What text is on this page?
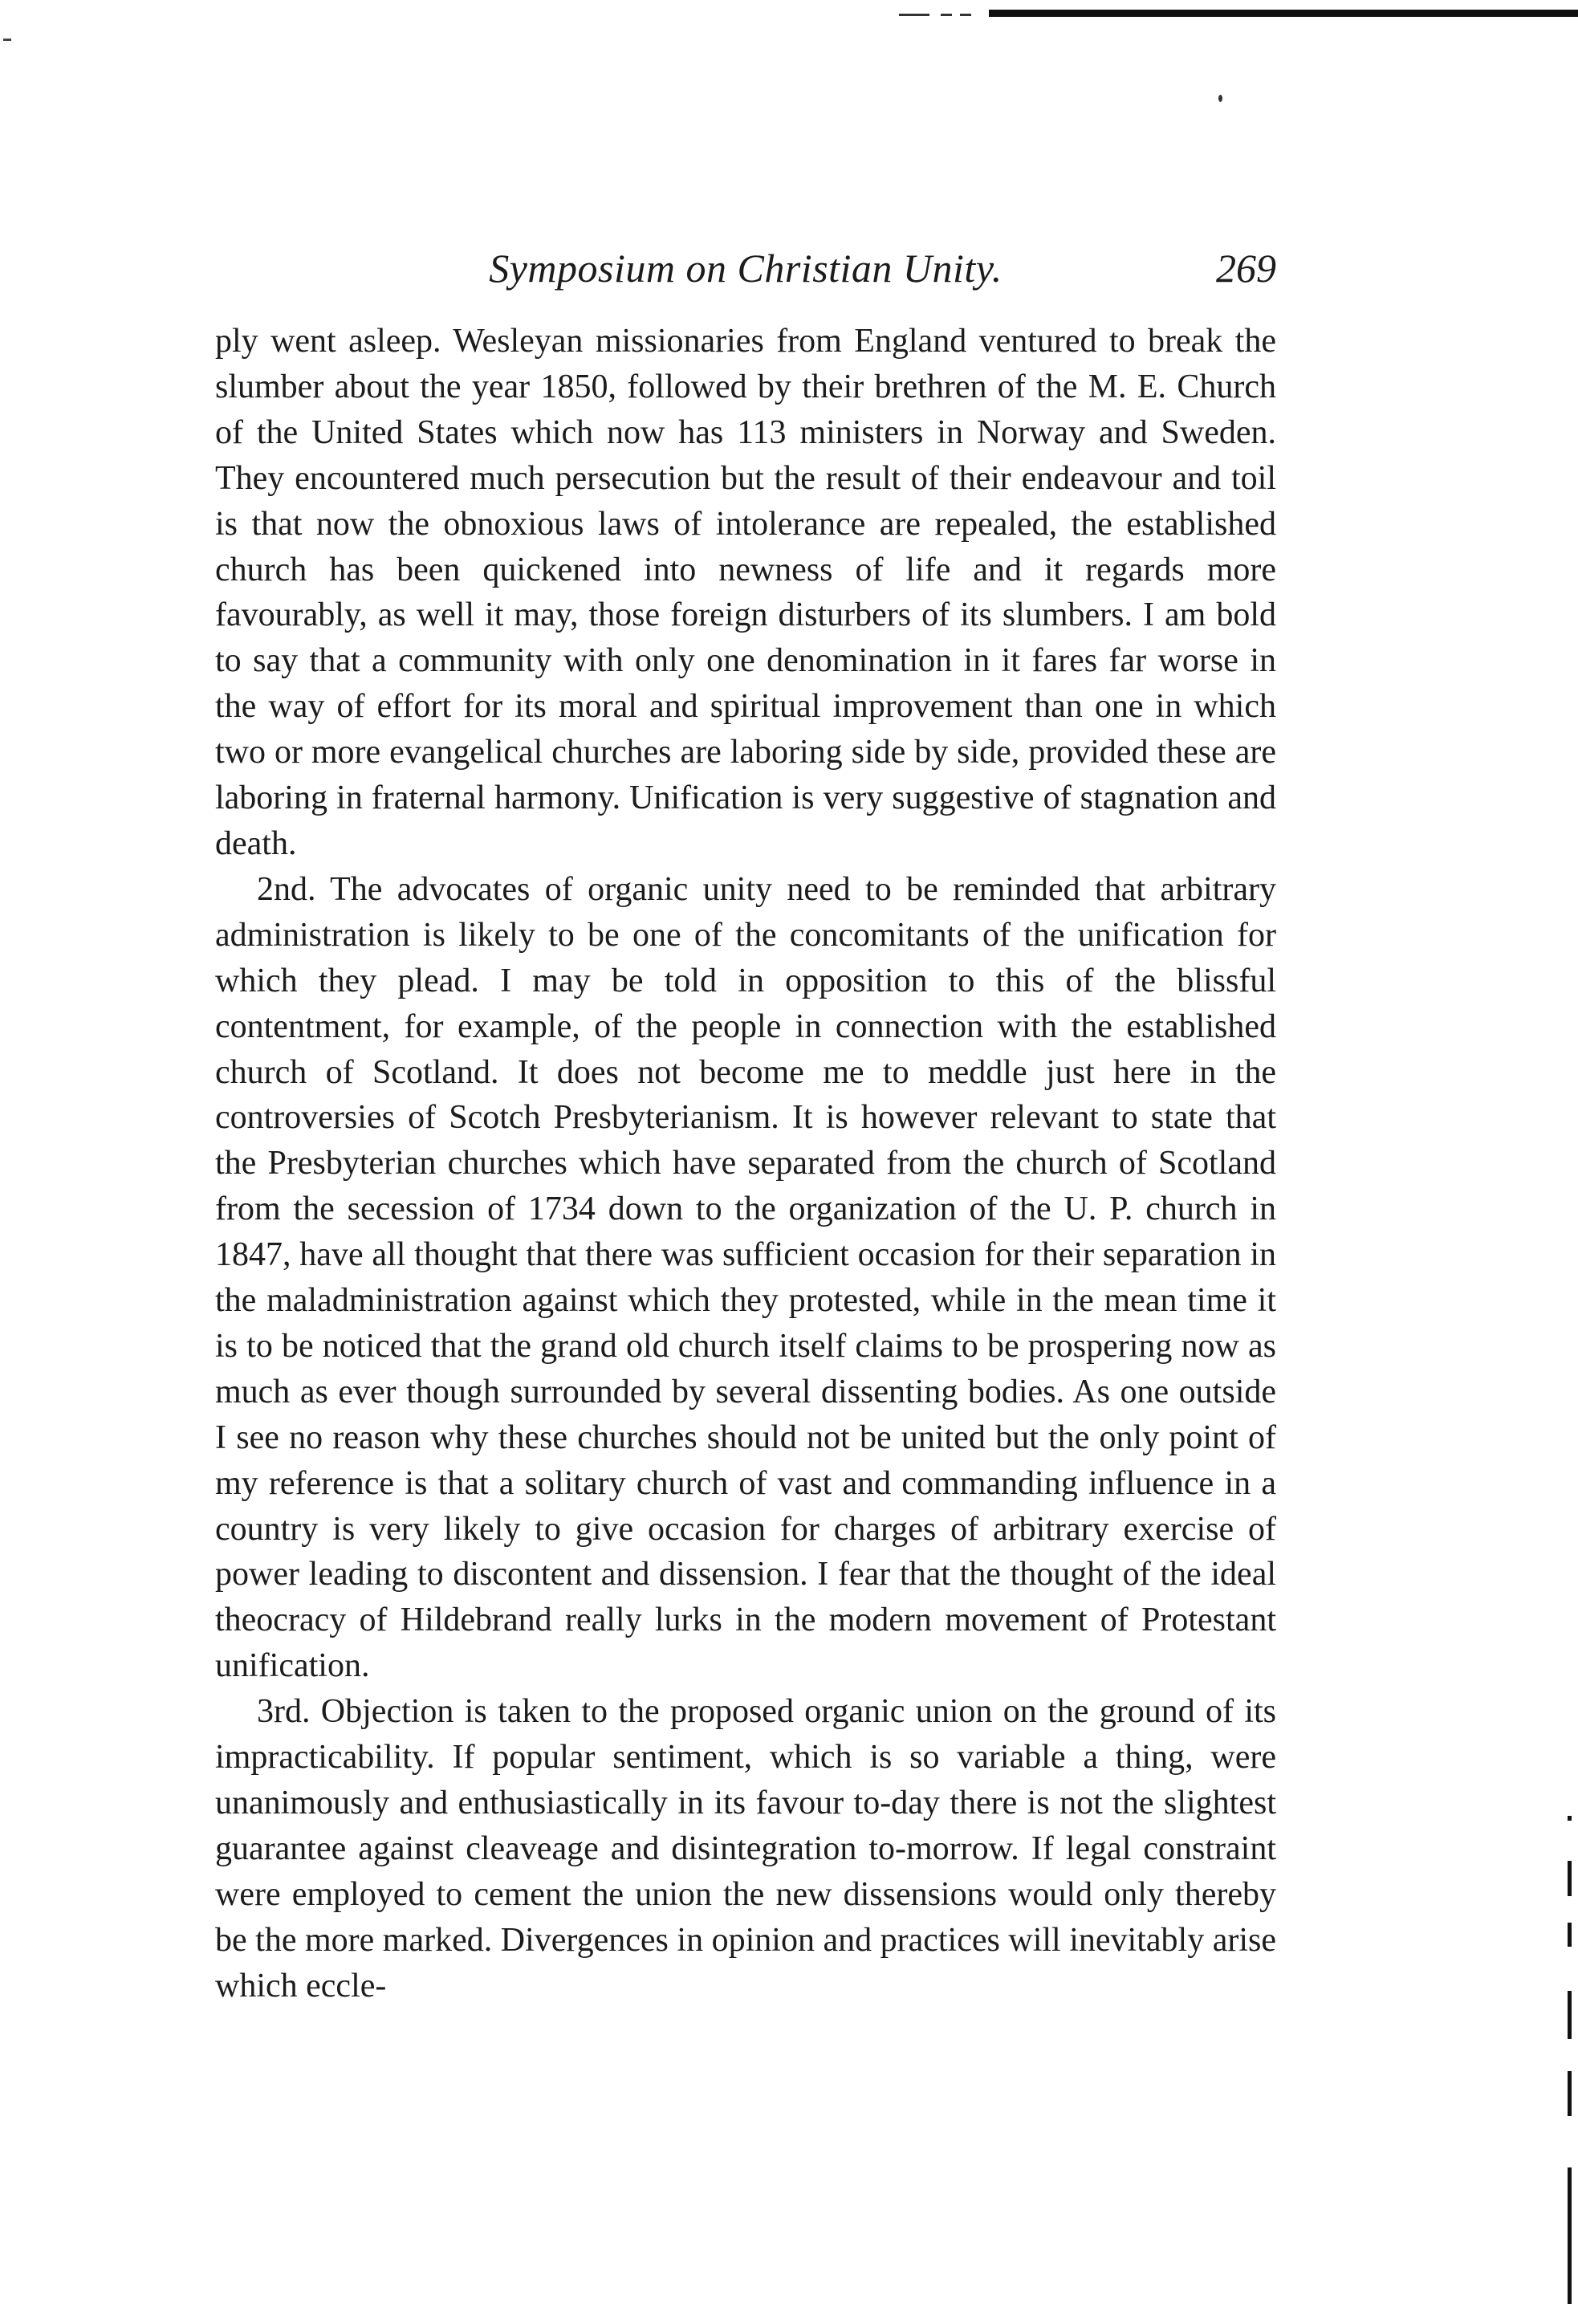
Symposium on Christian Unity.	269

ply went asleep. Wesleyan missionaries from England ventured to break the slumber about the year 1850, followed by their brethren of the M. E. Church of the United States which now has 113 ministers in Norway and Sweden. They encountered much persecution but the result of their endeavour and toil is that now the obnoxious laws of intolerance are repealed, the established church has been quickened into newness of life and it regards more favourably, as well it may, those foreign disturbers of its slumbers. I am bold to say that a community with only one denomination in it fares far worse in the way of effort for its moral and spiritual improvement than one in which two or more evangelical churches are laboring side by side, provided these are laboring in fraternal harmony. Unification is very suggestive of stagnation and death.

2nd. The advocates of organic unity need to be reminded that arbitrary administration is likely to be one of the concomitants of the unification for which they plead. I may be told in opposition to this of the blissful contentment, for example, of the people in connection with the established church of Scotland. It does not become me to meddle just here in the controversies of Scotch Presbyterianism. It is however relevant to state that the Presbyterian churches which have separated from the church of Scotland from the secession of 1734 down to the organization of the U. P. church in 1847, have all thought that there was sufficient occasion for their separation in the maladministration against which they protested, while in the mean time it is to be noticed that the grand old church itself claims to be prospering now as much as ever though surrounded by several dissenting bodies. As one outside I see no reason why these churches should not be united but the only point of my reference is that a solitary church of vast and commanding influence in a country is very likely to give occasion for charges of arbitrary exercise of power leading to discontent and dissension. I fear that the thought of the ideal theocracy of Hildebrand really lurks in the modern movement of Protestant unification.

3rd. Objection is taken to the proposed organic union on the ground of its impracticability. If popular sentiment, which is so variable a thing, were unanimously and enthusiastically in its favour to-day there is not the slightest guarantee against cleaveage and disintegration to-morrow. If legal constraint were employed to cement the union the new dissensions would only thereby be the more marked. Divergences in opinion and practices will inevitably arise which eccle-
